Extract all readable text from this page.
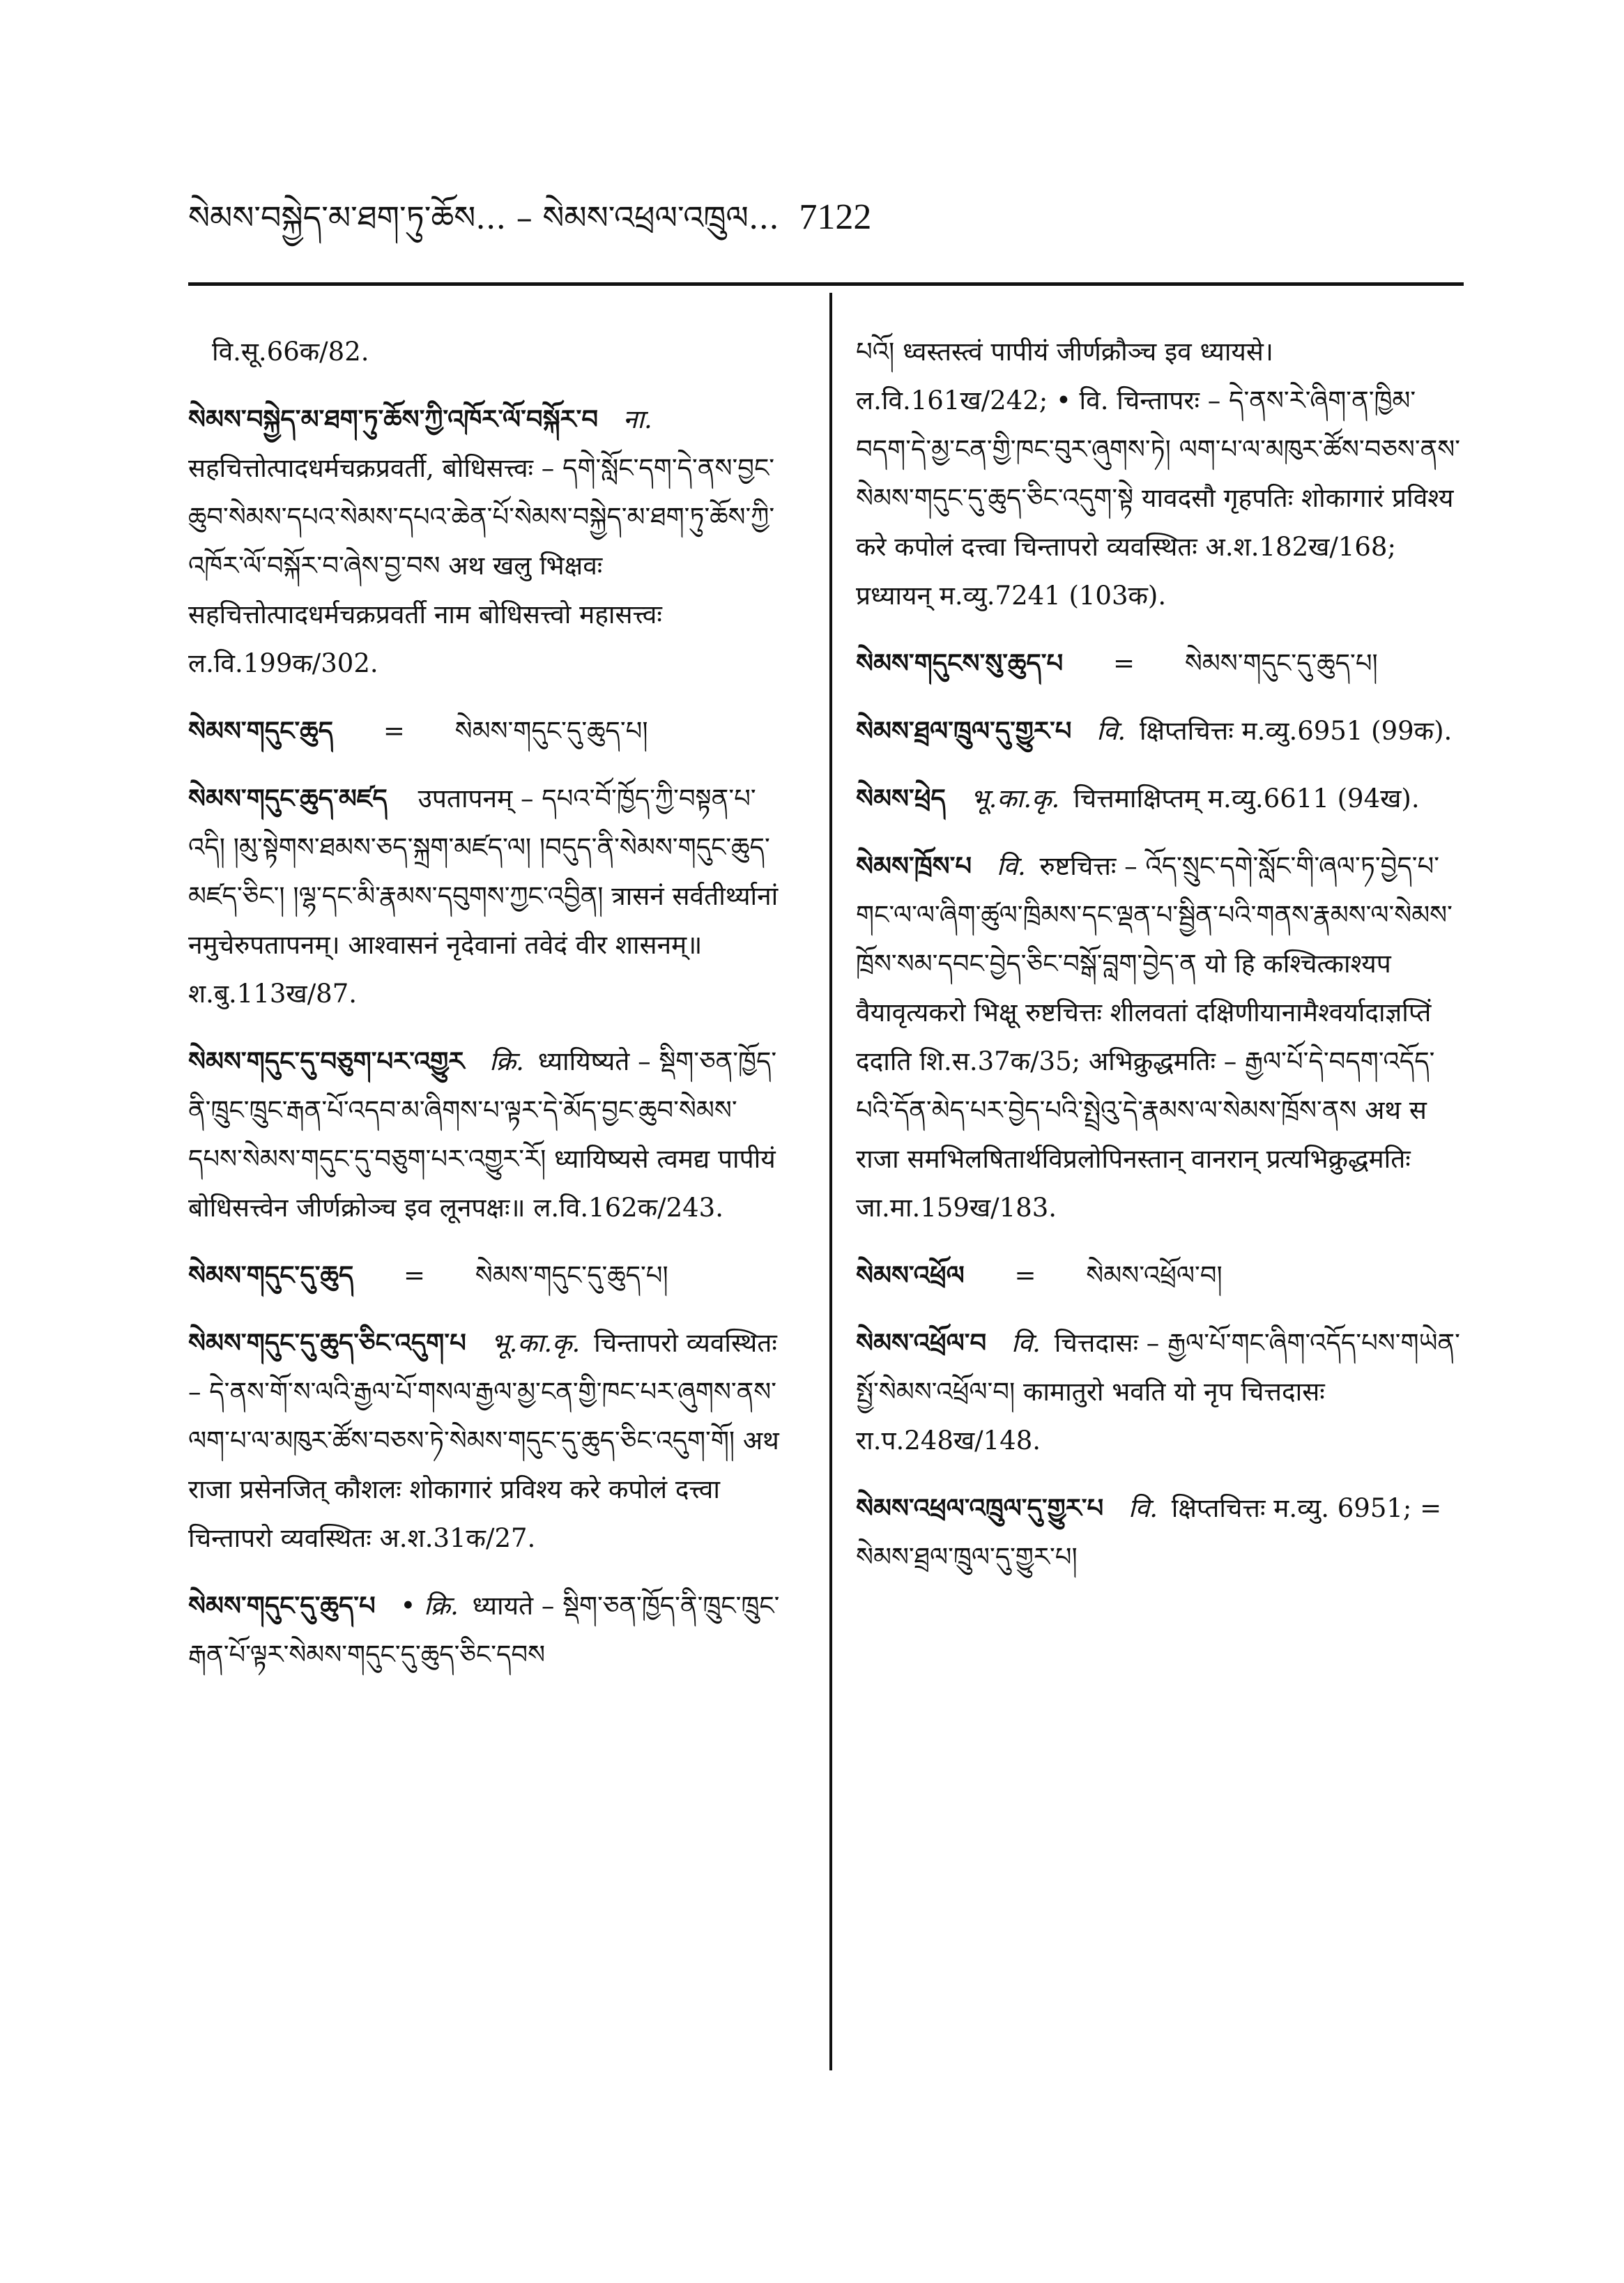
སེམས་བསྐྱེད་མ་ཐག་ཏུ་ཆོས... – སེམས་འཕྲལ་འཁྲུལ... 7122
वि.सू.66क/82.
སེམས་བསྐྱེད་མ་ཐག་ཏུ་ཆོས་ཀྱི་འཁོར་ལོ་བསྐོར་བ ना. सहचित्तोत्पादधर्मचक्रप्रवर्ती, बोधिसत्त्वः – དགེ་སློང་དག་དེ་ནས་བྱང་ཆུབ་སེམས་དཔའ་སེམས་དཔའ་ཆེན་པོ་སེམས་བསྐྱེད་མ་ཐག་ཏུ་ཆོས་ཀྱི་འཁོར་ལོ་བསྐོར་བ་ཞེས་བྱ་བས अथ खलु भिक्षवः सहचित्तोत्पादधर्मचक्रप्रवर्ती नाम बोधिसत्त्वो महासत्त्वः ल.वि.199क/302.
སེམས་གདུང་ཆུད = སེམས་གདུང་དུ་ཆུད་པ།
སེམས་གདུང་ཆུད་མཛད उपतापनम् – དཔའ་བོ་ཁྱོད་ཀྱི་བསྟན་པ་འདི། །མུ་སྟེགས་ཐམས་ཅད་སྐྲག་མཛད་ལ། །བདུད་ནི་སེམས་གདུང་ཆུད་མཛད་ཅིང་། །ལྷ་དང་མི་རྣམས་དབུགས་ཀྱང་འབྱིན། त्रासनं सर्वतीर्थ्यानां नमुचेरुपतापनम्। आश्वासनं नृदेवानां तवेदं वीर शासनम्॥ श.बु.113ख/87.
སེམས་གདུང་དུ་བཅུག་པར་འགྱུར क्रि. ध्यायिष्यते – སྡིག་ཅན་ཁྱོད་ནི་ཁྲུང་ཁྲུང་རྒན་པོ་འདབ་མ་ཞིགས་པ་ལྟར་དེ་མོད་བྱང་ཆུབ་སེམས་དཔས་སེམས་གདུང་དུ་བཅུག་པར་འགྱུར་རོ། ध्यायिष्यसे त्वमद्य पापीयं बोधिसत्त्वेन जीर्णक्रोञ्च इव लूनपक्षः॥ ल.वि.162क/243.
སེམས་གདུང་དུ་ཆུད = སེམས་གདུང་དུ་ཆུད་པ།
སེམས་གདུང་དུ་ཆུད་ཅིང་འདུག་པ भू.का.कृ. चिन्तापरो व्यवस्थितः – དེ་ནས་གོ་ས་ལའི་རྒྱལ་པོ་གསལ་རྒྱལ་མྱ་ངན་གྱི་ཁང་པར་ཞུགས་ནས་ལག་པ་ལ་མཁུར་ཚོས་བཅས་ཏེ་སེམས་གདུང་དུ་ཆུད་ཅིང་འདུག་གོ། अथ राजा प्रसेनजित् कौशलः शोकागारं प्रविश्य करे कपोलं दत्त्वा चिन्तापरो व्यवस्थितः अ.श.31क/27.
སེམས་གདུང་དུ་ཆུད་པ • क्रि. ध्यायते – སྡིག་ཅན་ཁྱོད་ནི་ཁྲུང་ཁྲུང་རྒན་པོ་ལྟར་སེམས་གདུང་དུ་ཆུད་ཅིང་དབས
པའོ། ध्वस्तस्त्वं पापीयं जीर्णक्रौञ्च इव ध्यायसे। ल.वि.161ख/242; • वि. चिन्तापरः – དེ་ནས་རེ་ཞིག་ན་ཁྱིམ་བདག་དེ་མྱ་ངན་གྱི་ཁང་བུར་ཞུགས་ཏེ། ལག་པ་ལ་མཁུར་ཚོས་བཅས་ནས་སེམས་གདུང་དུ་ཆུད་ཅིང་འདུག་སྟེ यावदसौ गृहपतिः शोकागारं प्रविश्य करे कपोलं दत्त्वा चिन्तापरो व्यवस्थितः अ.श.182ख/168; प्रध्यायन् म.व्यु.7241 (103क).
སེམས་གདུངས་སུ་ཆུད་པ = སེམས་གདུང་དུ་ཆུད་པ།
སེམས་ཐྲལ་ཁྲུལ་དུ་གྱུར་པ वि. क्षिप्तचित्तः म.व्यु.6951 (99क).
སེམས་ཕྲེད भू.का.कृ. चित्तमाक्षिप्तम् म.व्यु.6611 (94ख).
སེམས་ཁྲོས་པ वि. रुष्टचित्तः – འོད་སྲུང་དགེ་སློང་གི་ཞལ་ཏ་བྱེད་པ་གང་ལ་ལ་ཞིག་ཚུལ་ཁྲིམས་དང་ལྡན་པ་སྦྱིན་པའི་གནས་རྣམས་ལ་སེམས་ཁྲོས་སམ་དབང་བྱེད་ཅིང་བསྒོ་བླག་བྱེད་ན यो हि कश्चित्काश्यप वैयावृत्यकरो भिक्षू रुष्टचित्तः शीलवतां दक्षिणीयानामैश्वर्यादाज्ञप्तिं ददाति शि.स.37क/35; अभिक्रुद्धमतिः – རྒྱལ་པོ་དེ་བདག་འདོད་པའི་དོན་མེད་པར་བྱེད་པའི་སྤྲེའུ་དེ་རྣམས་ལ་སེམས་ཁྲོས་ནས अथ स राजा समभिलषितार्थविप्रलोपिनस्तान् वानरान् प्रत्यभिक्रुद्धमतिः जा.मा.159ख/183.
སེམས་འཕྲོལ = སེམས་འཕྲོལ་བ།
སེམས་འཕྲོལ་བ वि. चित्तदासः – རྒྱལ་པོ་གང་ཞིག་འདོད་པས་གཡེན་སྤྱོ་སེམས་འཕྲོལ་བ། कामातुरो भवति यो नृप चित्तदासः रा.प.248ख/148.
སེམས་འཕྲལ་འཁྲུལ་དུ་གྱུར་པ वि. क्षिप्तचित्तः म.व्यु. 6951; = སེམས་ཐྲལ་ཁྲུལ་དུ་གྱུར་པ།
